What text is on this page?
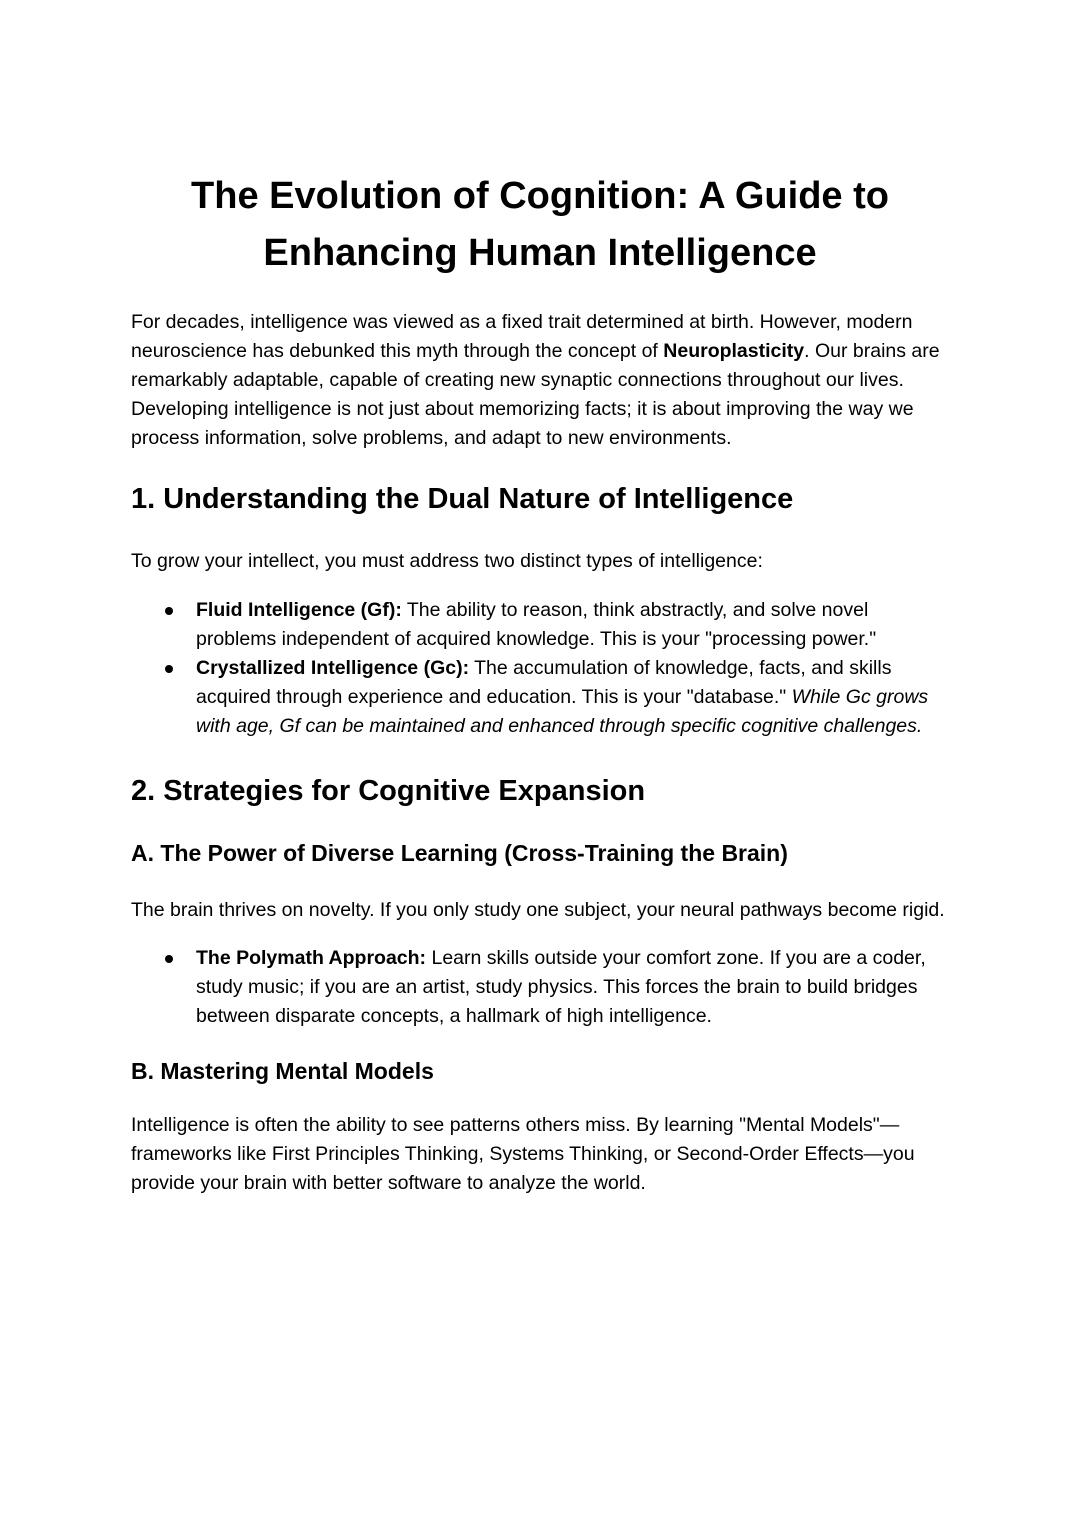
The Evolution of Cognition: A Guide to Enhancing Human Intelligence

For decades, intelligence was viewed as a fixed trait determined at birth. However, modern neuroscience has debunked this myth through the concept of Neuroplasticity. Our brains are remarkably adaptable, capable of creating new synaptic connections throughout our lives. Developing intelligence is not just about memorizing facts; it is about improving the way we process information, solve problems, and adapt to new environments.

1. Understanding the Dual Nature of Intelligence

To grow your intellect, you must address two distinct types of intelligence:

Fluid Intelligence (Gf): The ability to reason, think abstractly, and solve novel problems independent of acquired knowledge. This is your "processing power."
Crystallized Intelligence (Gc): The accumulation of knowledge, facts, and skills acquired through experience and education. This is your "database." While Gc grows with age, Gf can be maintained and enhanced through specific cognitive challenges.
2. Strategies for Cognitive Expansion
A. The Power of Diverse Learning (Cross-Training the Brain)

The brain thrives on novelty. If you only study one subject, your neural pathways become rigid.

The Polymath Approach: Learn skills outside your comfort zone. If you are a coder, study music; if you are an artist, study physics. This forces the brain to build bridges between disparate concepts, a hallmark of high intelligence.
B. Mastering Mental Models

Intelligence is often the ability to see patterns others miss. By learning "Mental Models"—frameworks like First Principles Thinking, Systems Thinking, or Second-Order Effects—you provide your brain with better software to analyze the world.
